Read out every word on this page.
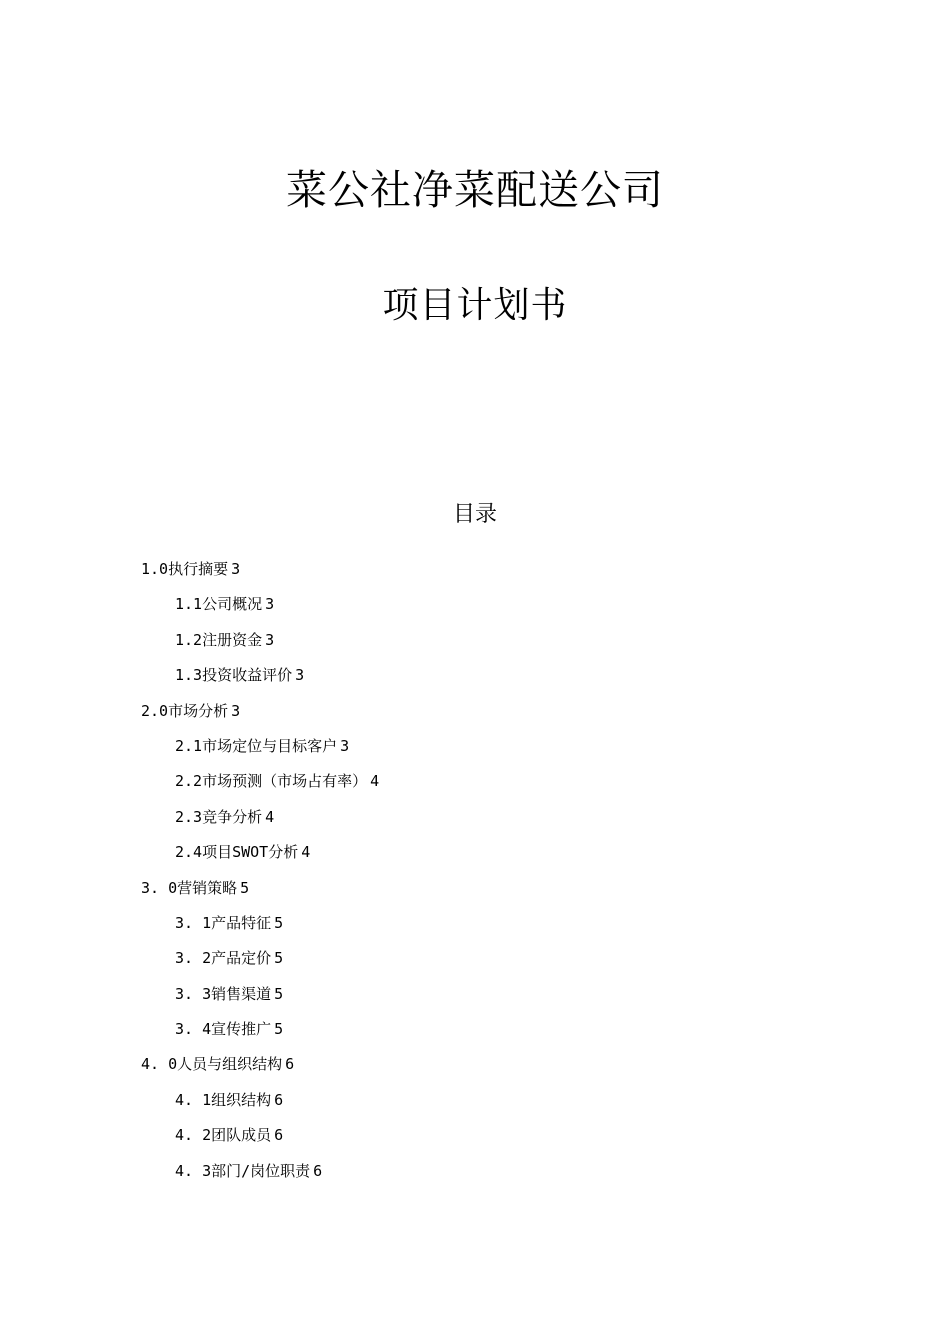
菜公社净菜配送公司
项目计划书
目录
1.0执行摘要 3
1.1公司概况 3
1.2注册资金 3
1.3投资收益评价 3
2.0市场分析 3
2.1市场定位与目标客户 3
2.2市场预测（市场占有率） 4
2.3竞争分析 4
2.4项目SWOT分析 4
3. 0营销策略 5
3. 1产品特征 5
3. 2产品定价 5
3. 3销售渠道 5
3. 4宣传推广 5
4. 0人员与组织结构 6
4. 1组织结构 6
4. 2团队成员 6
4. 3部门/岗位职责 6
